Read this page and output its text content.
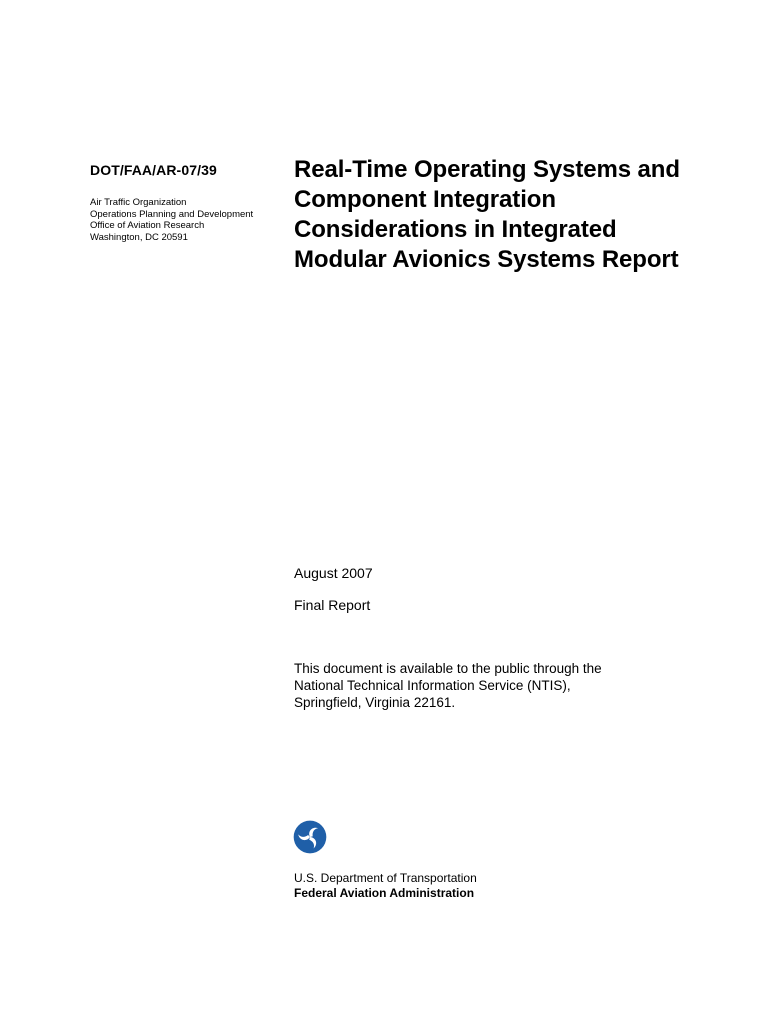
DOT/FAA/AR-07/39
Air Traffic Organization
Operations Planning and Development
Office of Aviation Research
Washington, DC 20591
Real-Time Operating Systems and
Component Integration
Considerations in Integrated
Modular Avionics Systems Report
August 2007
Final Report
This document is available to the public through the
National Technical Information Service (NTIS),
Springfield, Virginia 22161.
U.S. Department of Transportation
Federal Aviation Administration
